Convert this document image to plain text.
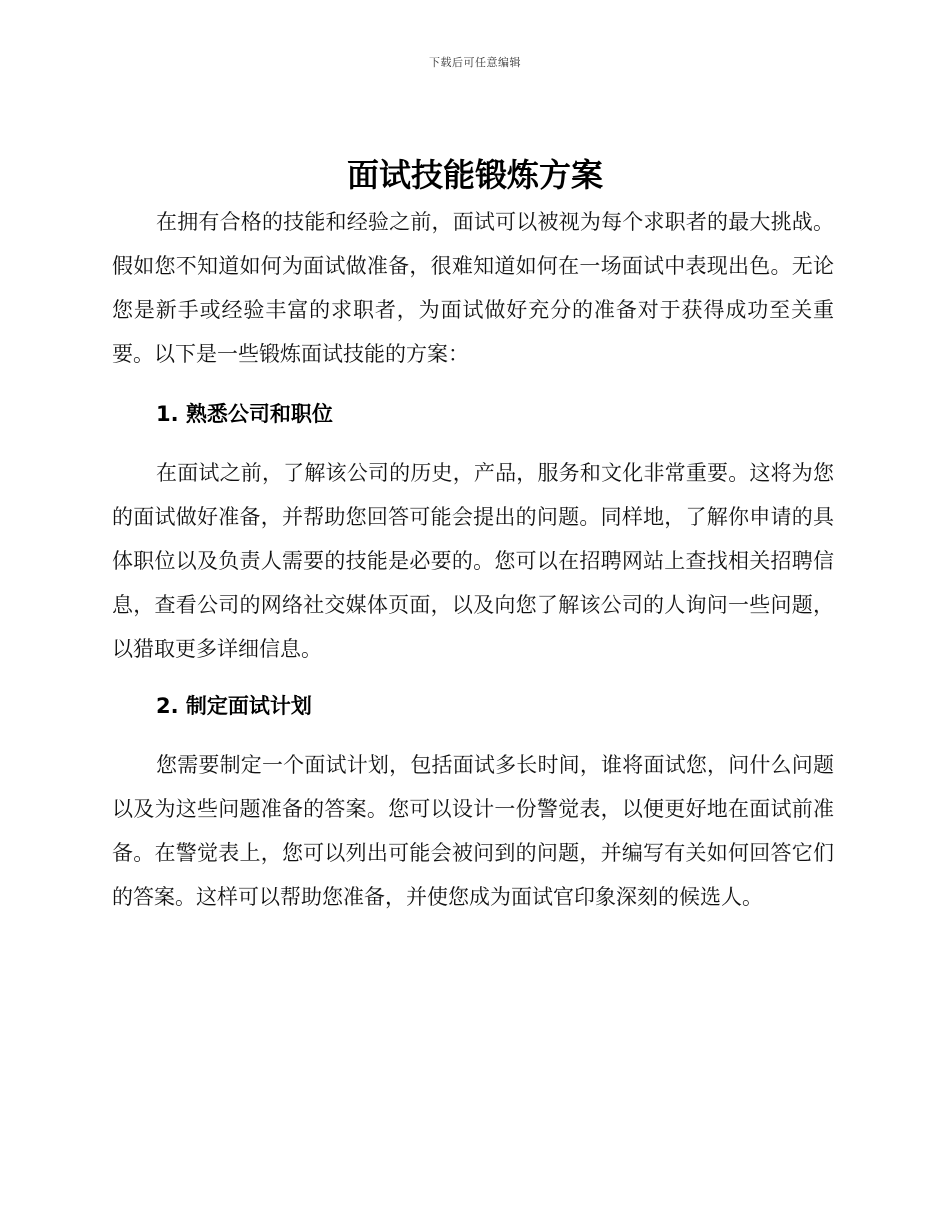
下载后可任意编辑
面试技能锻炼方案

在拥有合格的技能和经验之前，面试可以被视为每个求职者的最大挑战。假如您不知道如何为面试做准备，很难知道如何在一场面试中表现出色。无论您是新手或经验丰富的求职者，为面试做好充分的准备对于获得成功至关重要。以下是一些锻炼面试技能的方案：

1. 熟悉公司和职位

在面试之前，了解该公司的历史，产品，服务和文化非常重要。这将为您的面试做好准备，并帮助您回答可能会提出的问题。同样地，了解你申请的具体职位以及负责人需要的技能是必要的。您可以在招聘网站上查找相关招聘信息，查看公司的网络社交媒体页面，以及向您了解该公司的人询问一些问题，以猎取更多详细信息。

2. 制定面试计划

您需要制定一个面试计划，包括面试多长时间，谁将面试您，问什么问题以及为这些问题准备的答案。您可以设计一份警觉表，以便更好地在面试前准备。在警觉表上，您可以列出可能会被问到的问题，并编写有关如何回答它们的答案。这样可以帮助您准备，并使您成为面试官印象深刻的候选人。
